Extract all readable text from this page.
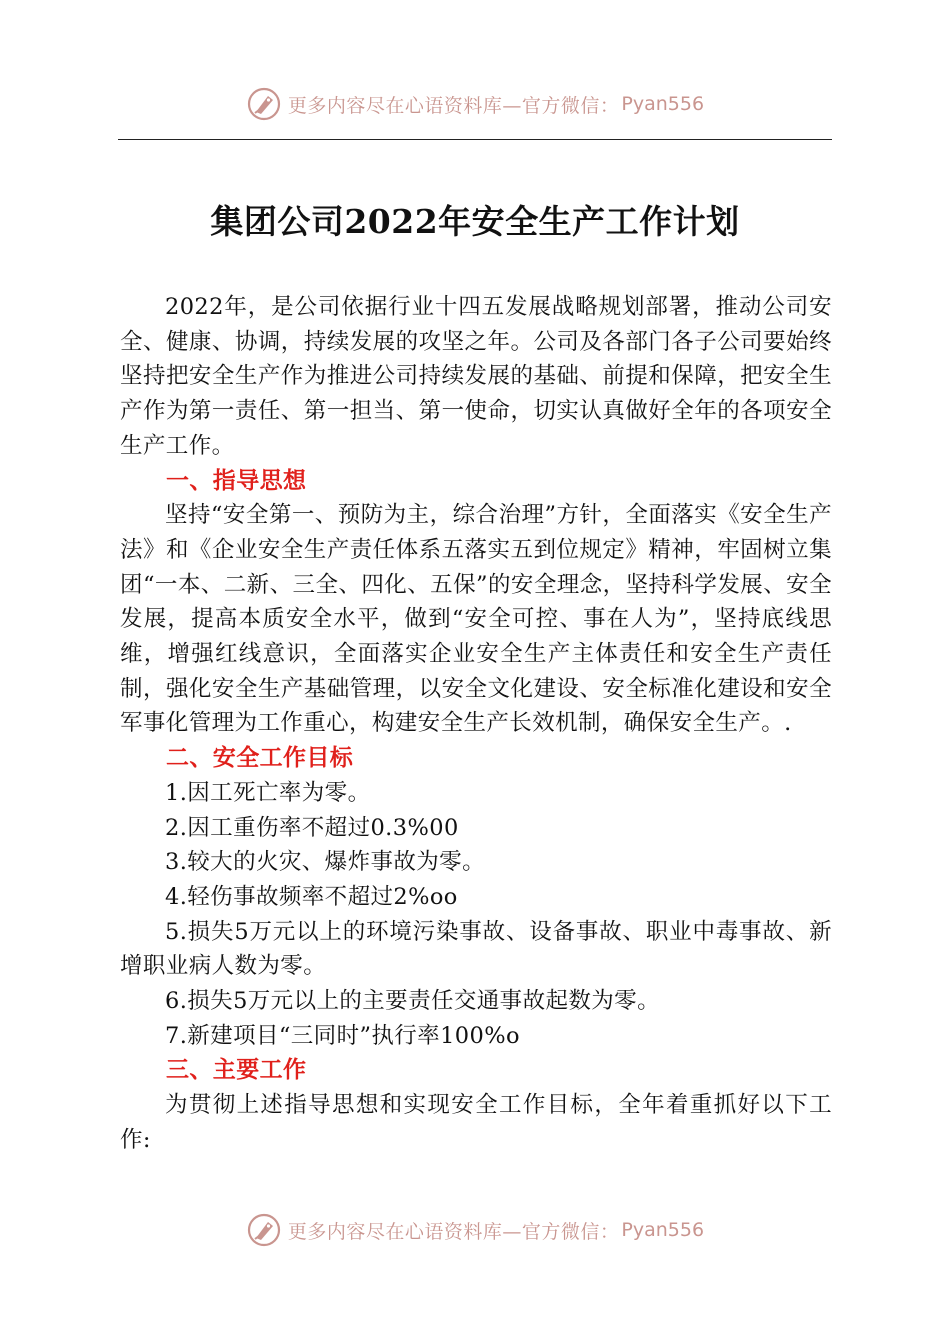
更多内容尽在心语资料库—官方微信： Pyan556
集团公司2022年安全生产工作计划

2022年，是公司依据行业十四五发展战略规划部署，推动公司安全、健康、协调，持续发展的攻坚之年。公司及各部门各子公司要始终坚持把安全生产作为推进公司持续发展的基础、前提和保障，把安全生产作为第一责任、第一担当、第一使命，切实认真做好全年的各项安全生产工作。

一、指导思想

坚持“安全第一、预防为主，综合治理”方针，全面落实《安全生产法》和《企业安全生产责任体系五落实五到位规定》精神，牢固树立集团“一本、二新、三全、四化、五保”的安全理念，坚持科学发展、安全发展，提高本质安全水平，做到“安全可控、事在人为”，坚持底线思维，增强红线意识，全面落实企业安全生产主体责任和安全生产责任制，强化安全生产基础管理，以安全文化建设、安全标准化建设和安全军事化管理为工作重心，构建安全生产长效机制，确保安全生产。.

二、安全工作目标

1.因工死亡率为零。

2.因工重伤率不超过0.3%00

3.较大的火灾、爆炸事故为零。

4.轻伤事故频率不超过2%oo

5.损失5万元以上的环境污染事故、设备事故、职业中毒事故、新增职业病人数为零。

6.损失5万元以上的主要责任交通事故起数为零。

7.新建项目“三同时”执行率100%o

三、主要工作

为贯彻上述指导思想和实现安全工作目标，全年着重抓好以下工作:

更多内容尽在心语资料库—官方微信： Pyan556
